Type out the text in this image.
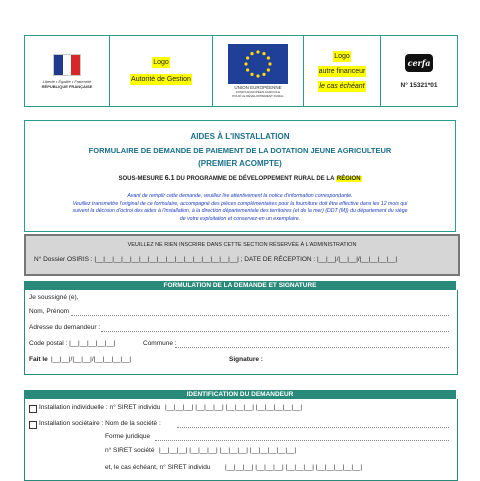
Liberté • Égalité • Fraternité
RÉPUBLIQUE FRANÇAISE
Logo
Autorité de Gestion
UNION EUROPÉENNE
FONDS EUROPÉEN AGRICOLE
POUR LE DÉVELOPPEMENT RURAL
Logo
autre financeur
le cas échéant
cerfa
N° 15321*01
AIDES À L'INSTALLATION
FORMULAIRE DE DEMANDE DE PAIEMENT DE LA DOTATION JEUNE AGRICULTEUR
(PREMIER ACOMPTE)
SOUS-MESURE 6.1 DU PROGRAMME DE DÉVELOPPEMENT RURAL DE LA RÉGION
Avant de remplir cette demande, veuillez lire attentivement la notice d'information correspondante.
Veuillez transmettre l'original de ce formulaire, accompagné des pièces complémentaires pour la fourniture doit être effective dans les 12 mois qui
suivent la décision d'octroi des aides à l'installation, à la direction départementale des territoires (et de la mer) (DDT (M)) du département du siège
de votre exploitation et conservez-en un exemplaire.
VEUILLEZ NE RIEN INSCRIRE DANS CETTE SECTION RÉSERVÉE À L'ADMINISTRATION
N° Dossier OSIRIS : |__|__|__|__|__|__|__|__|__|__|__|__|__|__|__|__| ; DATE DE RÉCEPTION : |__|__|/|__|__|/|__|__|__|__|
FORMULATION DE LA DEMANDE ET SIGNATURE
Je soussigné (e),
Nom, Prénom
Adresse du demandeur :
Code postal : |__|__|__|__|__|	Commune :
Fait le |__|__|/|__|__|/|__|__|__|__|	Signature :
IDENTIFICATION DU DEMANDEUR
Installation individuelle : n° SIRET individu |__|__|__| |__|__|__| |__|__|__| |__|__|__|__|__|
Installation sociétaire : Nom de la société :
Forme juridique
n° SIRET société |__|__|__| |__|__|__| |__|__|__| |__|__|__|__|__|
et, le cas échéant, n° SIRET individu |__|__|__| |__|__|__| |__|__|__| |__|__|__|__|__|
